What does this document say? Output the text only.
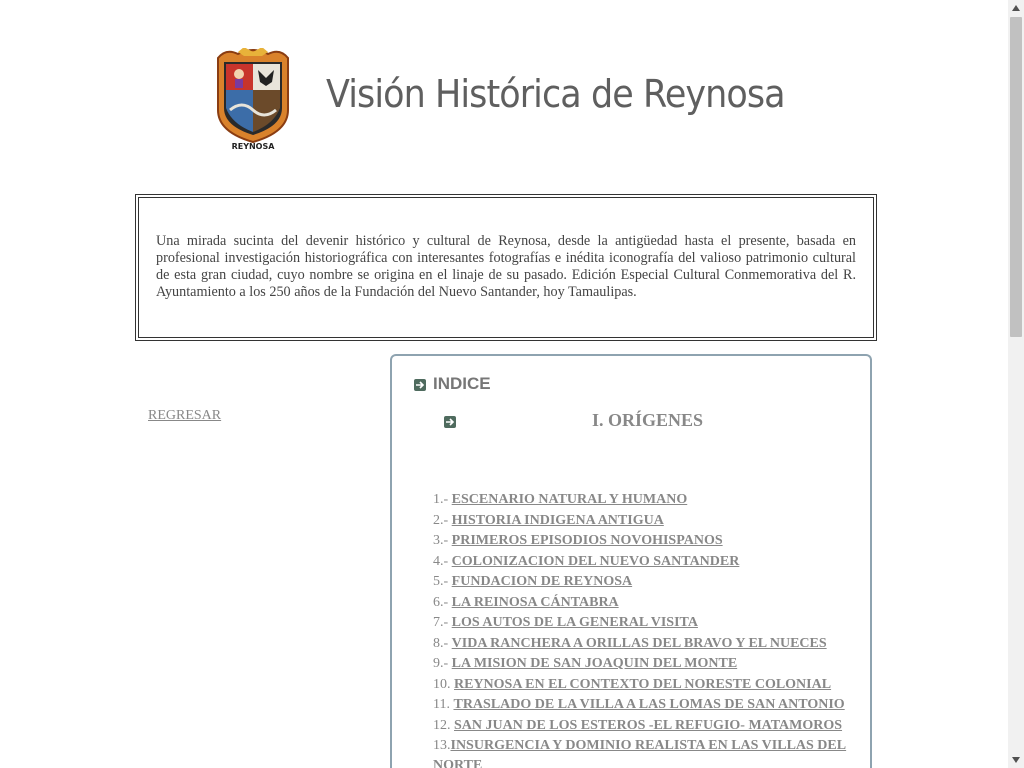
REYNOSA
Visión Histórica de Reynosa
Una mirada sucinta del devenir histórico y cultural de Reynosa, desde la antigüedad hasta el presente, basada en profesional investigación historiográfica con interesantes fotografías e inédita iconografía del valioso patrimonio cultural de esta gran ciudad, cuyo nombre se origina en el linaje de su pasado. Edición Especial Cultural Conmemorativa del R. Ayuntamiento a los 250 años de la Fundación del Nuevo Santander, hoy Tamaulipas.
REGRESAR
INDICE
I. ORÍGENES
1.- ESCENARIO NATURAL Y HUMANO
2.- HISTORIA INDIGENA ANTIGUA
3.- PRIMEROS EPISODIOS NOVOHISPANOS
4.- COLONIZACION DEL NUEVO SANTANDER
5.- FUNDACION DE REYNOSA
6.- LA REINOSA CÁNTABRA
7.- LOS AUTOS DE LA GENERAL VISITA
8.- VIDA RANCHERA A ORILLAS DEL BRAVO Y EL NUECES
9.- LA MISION DE SAN JOAQUIN DEL MONTE
10. REYNOSA EN EL CONTEXTO DEL NORESTE COLONIAL
11. TRASLADO DE LA VILLA A LAS LOMAS DE SAN ANTONIO
12. SAN JUAN DE LOS ESTEROS -EL REFUGIO- MATAMOROS
13.INSURGENCIA Y DOMINIO REALISTA EN LAS VILLAS DEL NORTE
